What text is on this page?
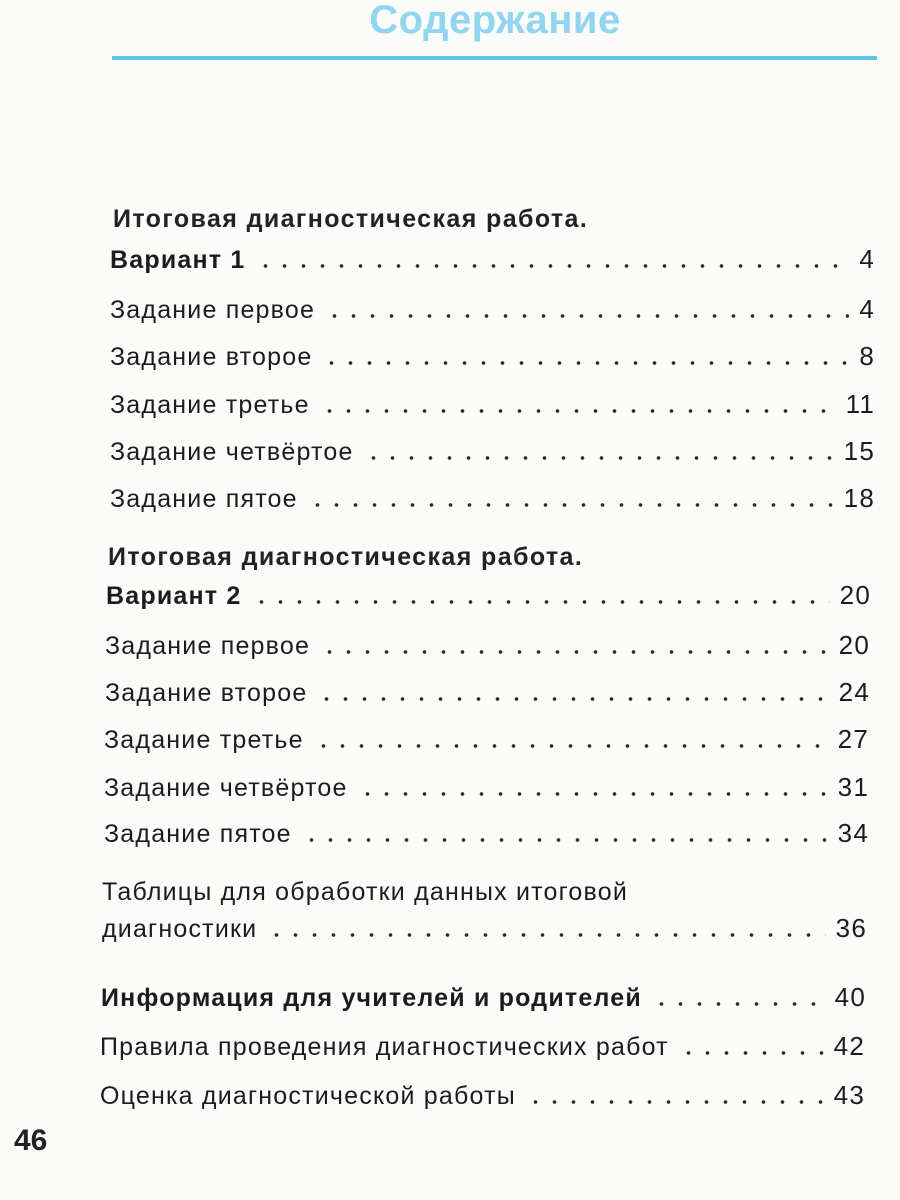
Содержание
Итоговая диагностическая работа.
Вариант 1	4
Задание первое	4
Задание второе	8
Задание третье	11
Задание четвёртое	15
Задание пятое	18
Итоговая диагностическая работа.
Вариант 2	20
Задание первое	20
Задание второе	24
Задание третье	27
Задание четвёртое	31
Задание пятое	34
Таблицы для обработки данных итоговой
диагностики	36
Информация для учителей и родителей	40
Правила проведения диагностических работ	42
Оценка диагностической работы	43
46
